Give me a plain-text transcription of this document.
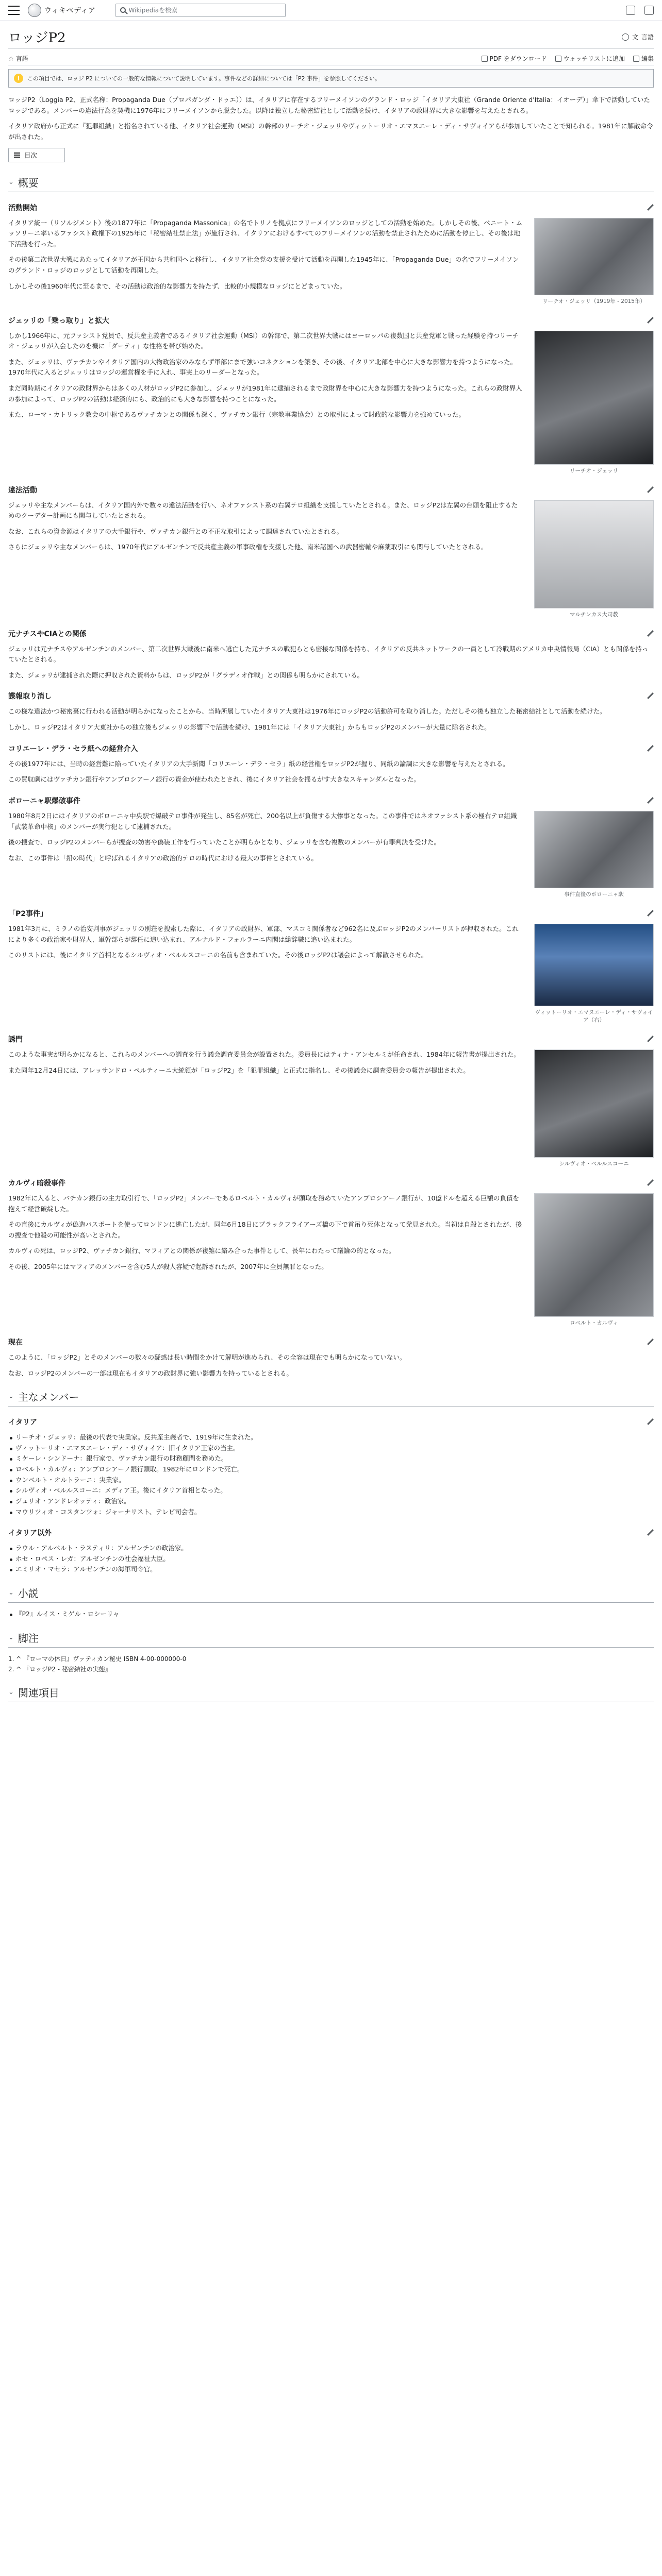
ウィキペディア	Wikipediaを検索
ロッジP2	文 言語
☆ 言語	PDF をダウンロード	ウォッチリストに追加	編集
!	この項目では、ロッジ P2 についての一般的な情報について説明しています。事件などの詳細については「P2 事件」を参照してください。

ロッジP2（Loggia P2、正式名称：Propaganda Due（プロパガンダ・ドゥエ））は、イタリアに存在するフリーメイソンのグランド・ロッジ「イタリア大東社（Grande Oriente d'Italia：イオーデ）」傘下で活動していたロッジである。メンバーの違法行為を契機に1976年にフリーメイソンから脱会した。以降は独立した秘密結社として活動を続け、イタリアの政財界に大きな影響を与えたとされる。

イタリア政府から正式に『犯罪組織』と指名されている他、イタリア社会運動（MSI）の幹部のリーチオ・ジェッリやヴィットーリオ・エマヌエーレ・ディ・サヴォイアらが参加していたことで知られる。1981年に解散命令が出された。

目次
⌄ 概要
活動開始

イタリア統一（リソルジメント）後の1877年に「Propaganda Massonica」の名でトリノを拠点にフリーメイソンのロッジとしての活動を始めた。しかしその後、ベニート・ムッソリーニ率いるファシスト政権下の1925年に「秘密結社禁止法」が施行され、イタリアにおけるすべてのフリーメイソンの活動を禁止されたために活動を停止し、その後は地下活動を行った。

その後第二次世界大戦にあたってイタリアが王国から共和国へと移行し、イタリア社会党の支援を受けて活動を再開した1945年に、「Propaganda Due」の名でフリーメイソンのグランド・ロッジのロッジとして活動を再開した。

しかしその後1960年代に至るまで、その活動は政治的な影響力を持たず、比較的小規模なロッジにとどまっていた。

リーチオ・ジェッリ（1919年 - 2015年）
ジェッリの「乗っ取り」と拡大

しかし1966年に、元ファシスト党員で、反共産主義者であるイタリア社会運動（MSI）の幹部で、第二次世界大戦にはヨーロッパの複数国と共産党軍と戦った経験を持つリーチオ・ジェッリが入会したのを機に「ダーティ」な性格を帯び始めた。

また、ジェッリは、ヴァチカンやイタリア国内の大物政治家のみならず軍部にまで強いコネクションを築き、その後、イタリア北部を中心に大きな影響力を持つようになった。1970年代に入るとジェッリはロッジの運営権を手に入れ、事実上のリーダーとなった。

まだ同時期にイタリアの政財界からは多くの人材がロッジP2に参加し、ジェッリが1981年に逮捕されるまで政財界を中心に大きな影響力を持つようになった。これらの政財界人の参加によって、ロッジP2の活動は経済的にも、政治的にも大きな影響を持つことになった。

また、ローマ・カトリック教会の中枢であるヴァチカンとの関係も深く、ヴァチカン銀行（宗教事業協会）との取引によって財政的な影響力を強めていった。

リーチオ・ジェッリ
違法活動

ジェッリや主なメンバーらは、イタリア国内外で数々の違法活動を行い、ネオファシスト系の右翼テロ組織を支援していたとされる。また、ロッジP2は左翼の台頭を阻止するためのクーデター計画にも関与していたとされる。

なお、これらの資金源はイタリアの大手銀行や、ヴァチカン銀行との不正な取引によって調達されていたとされる。

さらにジェッリや主なメンバーらは、1970年代にアルゼンチンで反共産主義の軍事政権を支援した他、南米諸国への武器密輸や麻薬取引にも関与していたとされる。

マルチンカス大司教
元ナチスやCIAとの関係

ジェッリは元ナチスやアルゼンチンのメンバー、第二次世界大戦後に南米へ逃亡した元ナチスの戦犯らとも密接な関係を持ち、イタリアの反共ネットワークの一員として冷戦期のアメリカ中央情報局（CIA）とも関係を持っていたとされる。

また、ジェッリが逮捕された際に押収された資料からは、ロッジP2が「グラディオ作戦」との関係も明らかにされている。

諜報取り消し

この様な違法かつ秘密裏に行われる活動が明らかになったことから、当時所属していたイタリア大東社は1976年にロッジP2の活動許可を取り消した。ただしその後も独立した秘密結社として活動を続けた。

しかし、ロッジP2はイタリア大東社からの独立後もジェッリの影響下で活動を続け、1981年には「イタリア大東社」からもロッジP2のメンバーが大量に除名された。

コリエーレ・デラ・セラ紙への経営介入

その後1977年には、当時の経営難に陥っていたイタリアの大手新聞「コリエーレ・デラ・セラ」紙の経営権をロッジP2が握り、同紙の論調に大きな影響を与えたとされる。

この買収劇にはヴァチカン銀行やアンブロシアーノ銀行の資金が使われたとされ、後にイタリア社会を揺るがす大きなスキャンダルとなった。

ボローニャ駅爆破事件

1980年8月2日にはイタリアのボローニャ中央駅で爆破テロ事件が発生し、85名が死亡、200名以上が負傷する大惨事となった。この事件ではネオファシスト系の極右テロ組織「武装革命中核」のメンバーが実行犯として逮捕された。

後の捜査で、ロッジP2のメンバーらが捜査の妨害や偽装工作を行っていたことが明らかとなり、ジェッリを含む複数のメンバーが有罪判決を受けた。

なお、この事件は「鉛の時代」と呼ばれるイタリアの政治的テロの時代における最大の事件とされている。

事件直後のボローニャ駅
「P2事件」

1981年3月に、ミラノの治安判事がジェッリの別荘を捜索した際に、イタリアの政財界、軍部、マスコミ関係者など962名に及ぶロッジP2のメンバーリストが押収された。これにより多くの政治家や財界人、軍幹部らが辞任に追い込まれ、アルナルド・フォルラーニ内閣は総辞職に追い込まれた。

このリストには、後にイタリア首相となるシルヴィオ・ベルルスコーニの名前も含まれていた。その後ロッジP2は議会によって解散させられた。

ヴィットーリオ・エマヌエーレ・ディ・サヴォイア（右）
誘門

このような事実が明らかになると、これらのメンバーへの調査を行う議会調査委員会が設置された。委員長にはティナ・アンセルミが任命され、1984年に報告書が提出された。

また同年12月24日には、アレッサンドロ・ペルティーニ大統領が「ロッジP2」を「犯罪組織」と正式に指名し、その後議会に調査委員会の報告が提出された。

シルヴィオ・ベルルスコーニ
カルヴィ暗殺事件

1982年に入ると、バチカン銀行の主力取引行で、「ロッジP2」メンバーであるロベルト・カルヴィが頭取を務めていたアンブロシアーノ銀行が、10億ドルを超える巨額の負債を抱えて経営破綻した。

その直後にカルヴィが偽造パスポートを使ってロンドンに逃亡したが、同年6月18日にブラックフライアーズ橋の下で首吊り死体となって発見された。当初は自殺とされたが、後の捜査で他殺の可能性が高いとされた。

カルヴィの死は、ロッジP2、ヴァチカン銀行、マフィアとの関係が複雑に絡み合った事件として、長年にわたって議論の的となった。

その後、2005年にはマフィアのメンバーを含む5人が殺人容疑で起訴されたが、2007年に全員無罪となった。

ロベルト・カルヴィ
現在

このように、「ロッジP2」とそのメンバーの数々の疑惑は長い時間をかけて解明が進められ、その全容は現在でも明らかになっていない。

なお、ロッジP2のメンバーの一部は現在もイタリアの政財界に強い影響力を持っているとされる。

⌄ 主なメンバー
イタリア
リーチオ・ジェッリ：最後の代表で実業家。反共産主義者で、1919年に生まれた。
ヴィットーリオ・エマヌエーレ・ディ・サヴォイア：旧イタリア王家の当主。
ミケーレ・シンドーナ：銀行家で、ヴァチカン銀行の財務顧問を務めた。
ロベルト・カルヴィ：アンブロシアーノ銀行頭取。1982年にロンドンで死亡。
ウンベルト・オルトラーニ：実業家。
シルヴィオ・ベルルスコーニ：メディア王。後にイタリア首相となった。
ジュリオ・アンドレオッティ：政治家。
マウリツィオ・コスタンツォ：ジャーナリスト、テレビ司会者。
イタリア以外
ラウル・アルベルト・ラスティリ：アルゼンチンの政治家。
ホセ・ロペス・レガ：アルゼンチンの社会福祉大臣。
エミリオ・マセラ：アルゼンチンの海軍司令官。
⌄ 小説
『P2』ルイス・ミゲル・ロシーリャ
⌄ 脚注
1. ^ 『ローマの休日』ヴァティカン秘史 ISBN 4-00-000000-0
2. ^ 『ロッジP2 - 秘密結社の実態』
⌄ 関連項目
